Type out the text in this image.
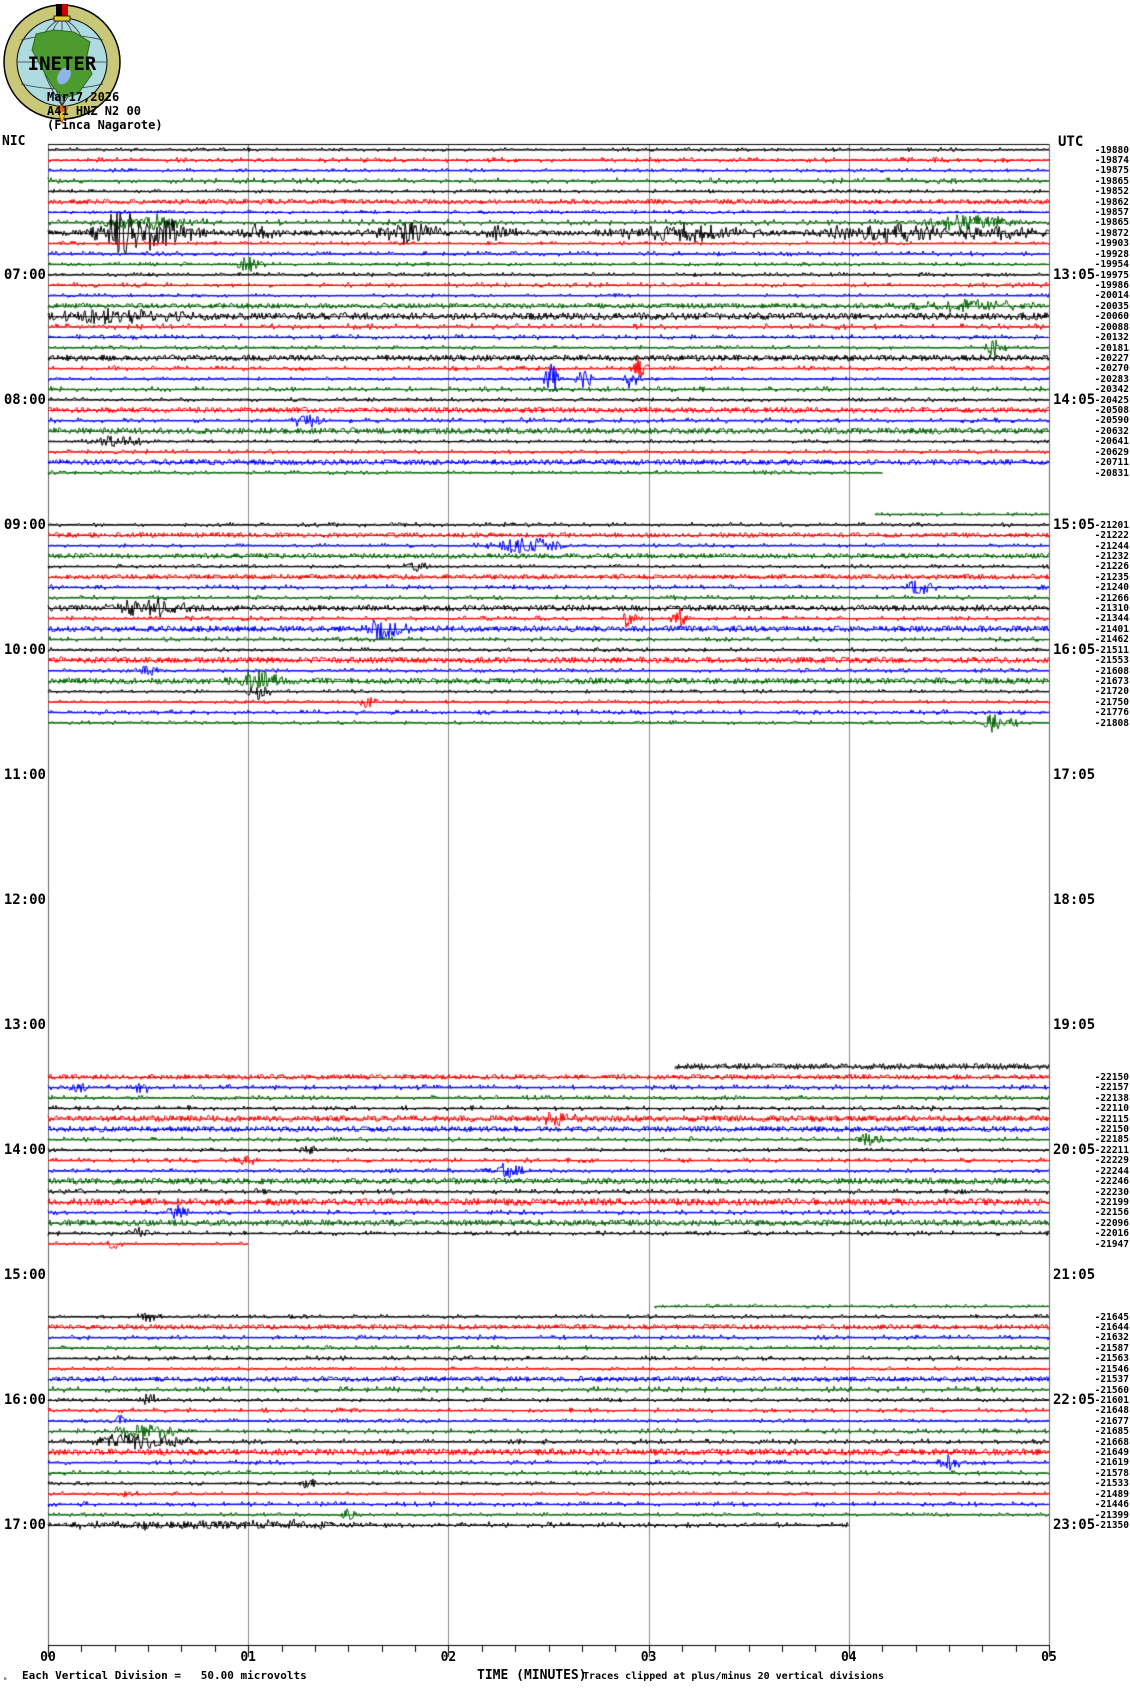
07:00
08:00
09:00
10:00
11:00
12:00
13:00
14:00
15:00
16:00
17:00
13:05
14:05
15:05
16:05
17:05
18:05
19:05
20:05
21:05
22:05
23:05
-19880
-19874
-19875
-19865
-19852
-19862
-19857
-19865
-19872
-19903
-19928
-19954
-19975
-19986
-20014
-20035
-20060
-20088
-20132
-20181
-20227
-20270
-20283
-20342
-20425
-20508
-20590
-20632
-20641
-20629
-20711
-20831
-21201
-21222
-21244
-21232
-21226
-21235
-21240
-21266
-21310
-21344
-21401
-21462
-21511
-21553
-21608
-21673
-21720
-21750
-21776
-21808
-22150
-22157
-22138
-22110
-22115
-22150
-22185
-22211
-22229
-22244
-22246
-22230
-22199
-22156
-22096
-22016
-21947
-21645
-21644
-21632
-21587
-21563
-21546
-21537
-21560
-21601
-21648
-21677
-21685
-21668
-21649
-21619
-21578
-21533
-21489
-21446
-21399
-21350
00	01	02	03	04	05
ₘ Each Vertical Division =   50.00 microvolts	TIME (MINUTES)
Traces clipped at plus/minus 20 vertical divisions
